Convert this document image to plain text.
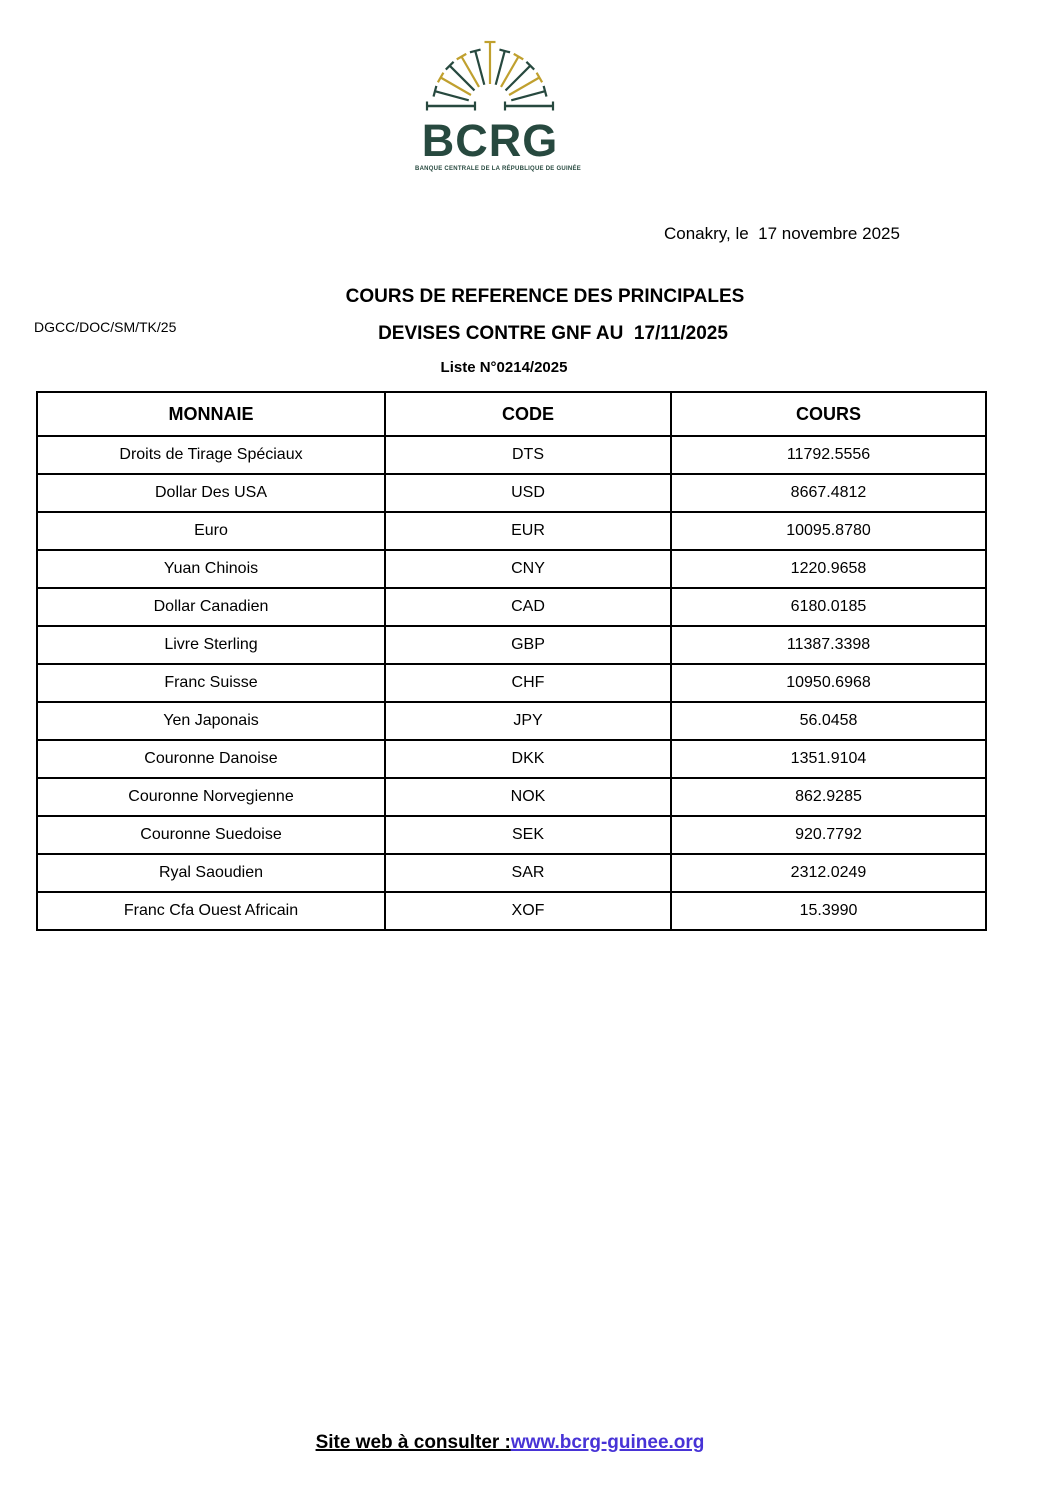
BCRG
BANQUE CENTRALE DE LA RÉPUBLIQUE DE GUINÉE
Conakry, le  17 novembre 2025
DGCC/DOC/SM/TK/25
COURS DE REFERENCE DES PRINCIPALES
DEVISES CONTRE GNF AU  17/11/2025
Liste N°0214/2025
MONNAIE	CODE	COURS
Droits de Tirage Spéciaux	DTS	11792.5556
Dollar Des USA	USD	8667.4812
Euro	EUR	10095.8780
Yuan Chinois	CNY	1220.9658
Dollar Canadien	CAD	6180.0185
Livre Sterling	GBP	11387.3398
Franc Suisse	CHF	10950.6968
Yen Japonais	JPY	56.0458
Couronne Danoise	DKK	1351.9104
Couronne Norvegienne	NOK	862.9285
Couronne Suedoise	SEK	920.7792
Ryal Saoudien	SAR	2312.0249
Franc Cfa Ouest Africain	XOF	15.3990
Site web à consulter :www.bcrg-guinee.org
